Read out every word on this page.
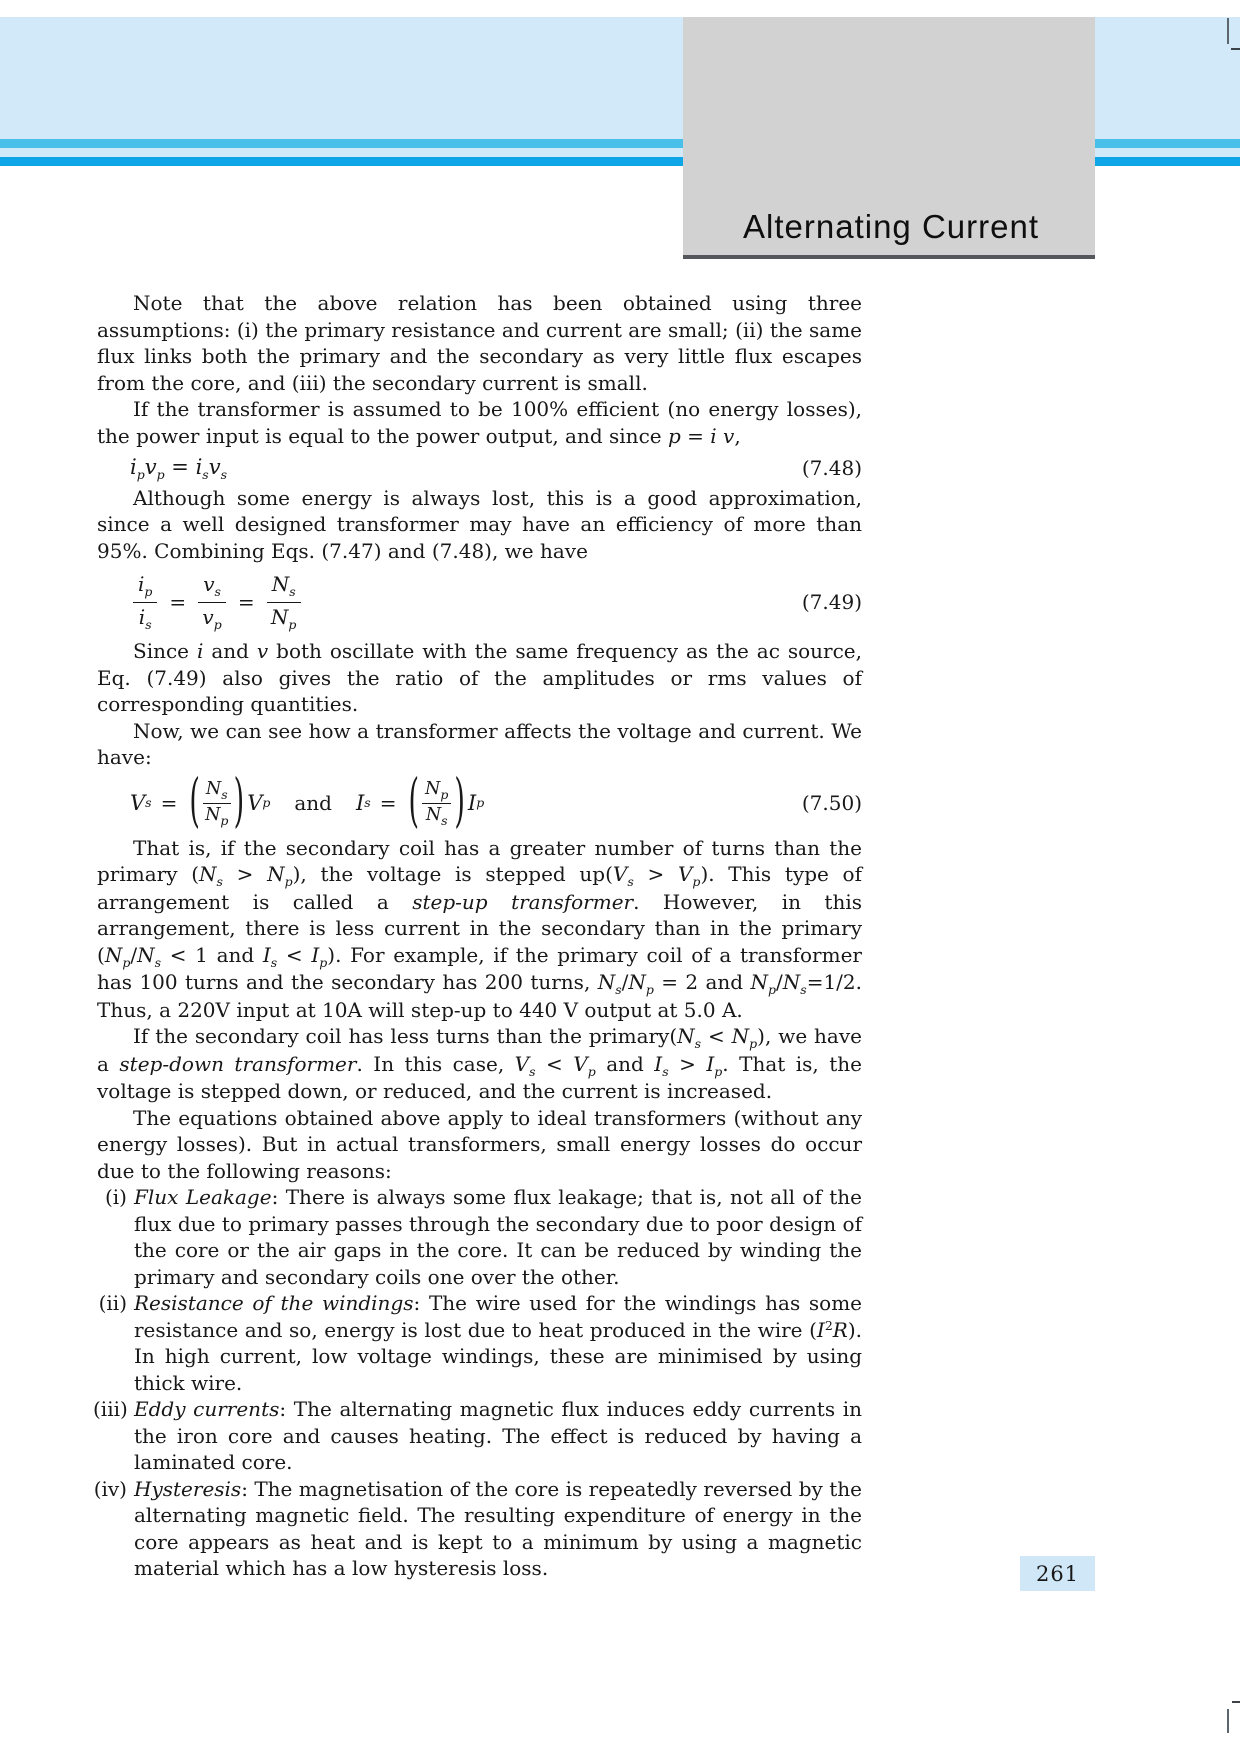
Alternating Current

Note that the above relation has been obtained using three assumptions: (i) the primary resistance and current are small; (ii) the same flux links both the primary and the secondary as very little flux escapes from the core, and (iii) the secondary current is small.

If the transformer is assumed to be 100% efficient (no energy losses), the power input is equal to the power output, and since p = i v,

$i_pv_p = i_sv_s$	(7.48)

Although some energy is always lost, this is a good approximation, since a well designed transformer may have an efficiency of more than 95%. Combining Eqs. (7.47) and (7.48), we have

$\frac{i_p}{i_s} = \frac{v_s}{v_p} = \frac{N_s}{N_p}$	(7.49)

Since i and v both oscillate with the same frequency as the ac source, Eq. (7.49) also gives the ratio of the amplitudes or rms values of corresponding quantities.

Now, we can see how a transformer affects the voltage and current. We have:

V s = ( $\frac{N_s}{N_p}$ ) V p and I s = ( $\frac{N_p}{N_s}$ ) I p	(7.50)

That is, if the secondary coil has a greater number of turns than the primary $(N_s > N_p)$, the voltage is stepped $up(V_s > V_p)$. This type of arrangement is called a step-up transformer. However, in this arrangement, there is less current in the secondary than in the primary ($N_p/N_s < 1$ and $I_s < I_p$). For example, if the primary coil of a transformer has 100 turns and the secondary has 200 turns, $N_s/N_p = 2$ and $N_p/N_s=1/2$. Thus, a 220V input at 10A will step-up to 440 V output at 5.0 A.

If the secondary coil has less turns than the $primary(N_s < N_p)$, we have a step-down transformer. In this case, $V_s < V_p$ and $I_s > I_p$. That is, the voltage is stepped down, or reduced, and the current is increased.

The equations obtained above apply to ideal transformers (without any energy losses). But in actual transformers, small energy losses do occur due to the following reasons:

(i) Flux Leakage: There is always some flux leakage; that is, not all of the flux due to primary passes through the secondary due to poor design of the core or the air gaps in the core. It can be reduced by winding the primary and secondary coils one over the other.
(ii) Resistance of the windings: The wire used for the windings has some resistance and so, energy is lost due to heat produced in the wire $(I^2R)$. In high current, low voltage windings, these are minimised by using thick wire.
(iii) Eddy currents: The alternating magnetic flux induces eddy currents in the iron core and causes heating. The effect is reduced by having a laminated core.
(iv) Hysteresis: The magnetisation of the core is repeatedly reversed by the alternating magnetic field. The resulting expenditure of energy in the core appears as heat and is kept to a minimum by using a magnetic material which has a low hysteresis loss.	261
